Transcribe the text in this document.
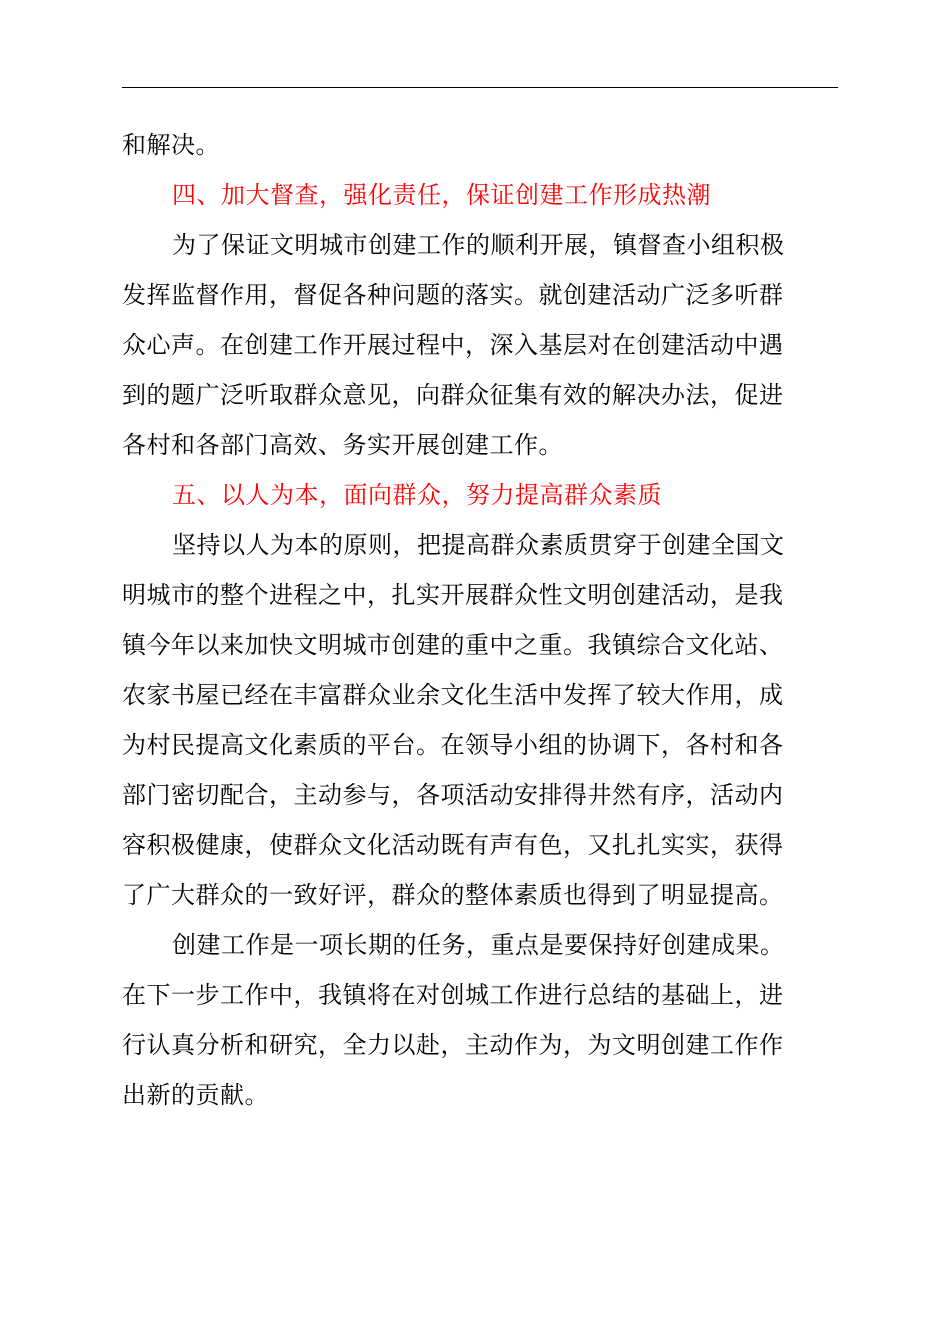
和解决。
四、加大督查，强化责任，保证创建工作形成热潮
为了保证文明城市创建工作的顺利开展，镇督查小组积极
发挥监督作用，督促各种问题的落实。就创建活动广泛多听群
众心声。在创建工作开展过程中，深入基层对在创建活动中遇
到的题广泛听取群众意见，向群众征集有效的解决办法，促进
各村和各部门高效、务实开展创建工作。
五、以人为本，面向群众，努力提高群众素质
坚持以人为本的原则，把提高群众素质贯穿于创建全国文
明城市的整个进程之中，扎实开展群众性文明创建活动，是我
镇今年以来加快文明城市创建的重中之重。我镇综合文化站、
农家书屋已经在丰富群众业余文化生活中发挥了较大作用，成
为村民提高文化素质的平台。在领导小组的协调下，各村和各
部门密切配合，主动参与，各项活动安排得井然有序，活动内
容积极健康，使群众文化活动既有声有色，又扎扎实实，获得
了广大群众的一致好评，群众的整体素质也得到了明显提高。
创建工作是一项长期的任务，重点是要保持好创建成果。
在下一步工作中，我镇将在对创城工作进行总结的基础上，进
行认真分析和研究，全力以赴，主动作为，为文明创建工作作
出新的贡献。
